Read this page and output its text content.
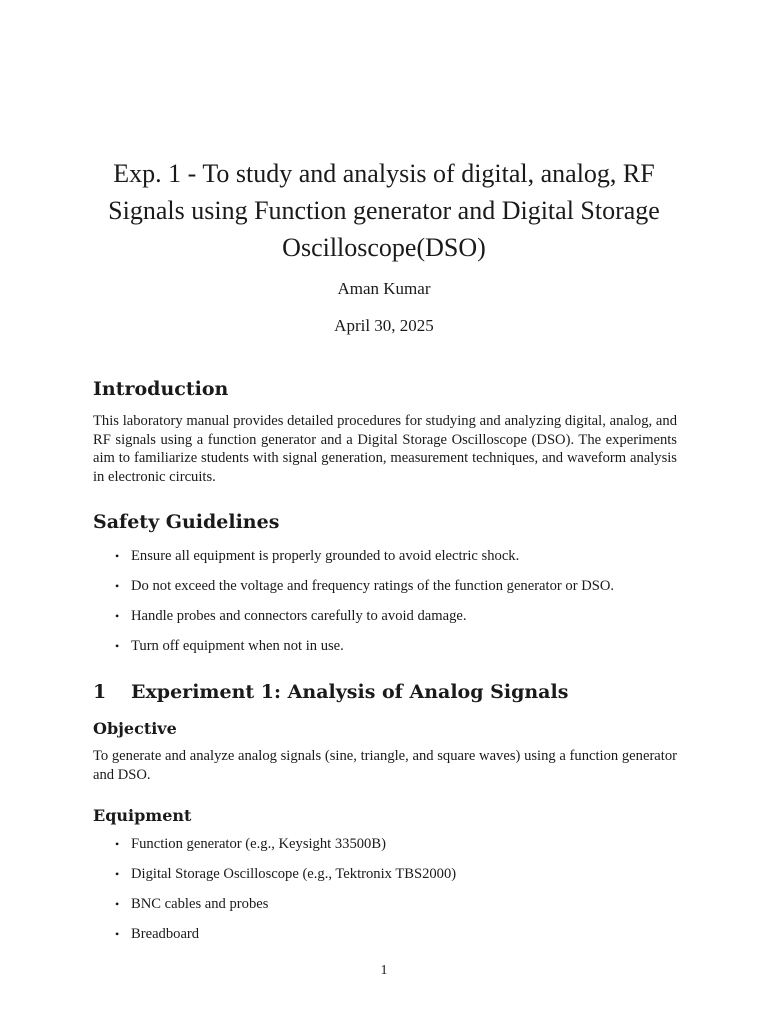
Exp. 1 - To study and analysis of digital, analog, RF Signals using Function generator and Digital Storage Oscilloscope(DSO)
Aman Kumar
April 30, 2025
Introduction

This laboratory manual provides detailed procedures for studying and analyzing digital, analog, and RF signals using a function generator and a Digital Storage Oscilloscope (DSO). The experiments aim to familiarize students with signal generation, measurement techniques, and waveform analysis in electronic circuits.

Safety Guidelines
• Ensure all equipment is properly grounded to avoid electric shock.
• Do not exceed the voltage and frequency ratings of the function generator or DSO.
• Handle probes and connectors carefully to avoid damage.
• Turn off equipment when not in use.
1 Experiment 1: Analysis of Analog Signals
Objective

To generate and analyze analog signals (sine, triangle, and square waves) using a function generator and DSO.

Equipment
• Function generator (e.g., Keysight 33500B)
• Digital Storage Oscilloscope (e.g., Tektronix TBS2000)
• BNC cables and probes
• Breadboard
1
